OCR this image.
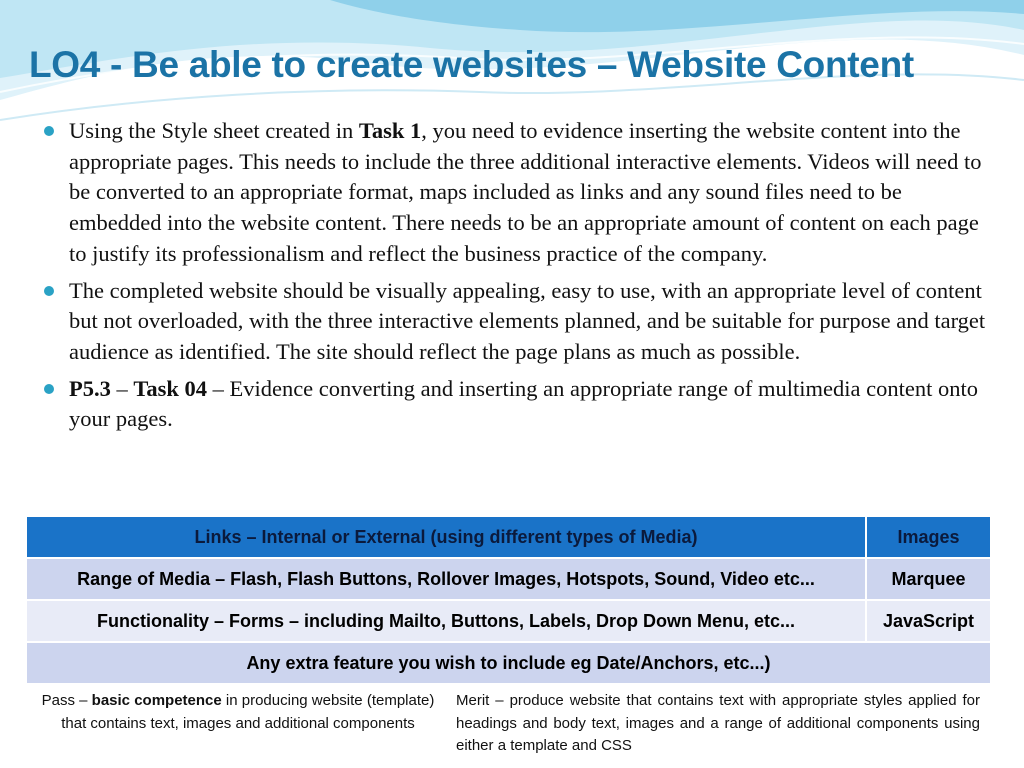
LO4 - Be able to create websites – Website Content
Using the Style sheet created in Task 1, you need to evidence inserting the website content into the appropriate pages. This needs to include the three additional interactive elements. Videos will need to be converted to an appropriate format, maps included as links and any sound files need to be embedded into the website content. There needs to be an appropriate amount of content on each page to justify its professionalism and reflect the business practice of the company.
The completed website should be visually appealing, easy to use, with an appropriate level of content but not overloaded, with the three interactive elements planned, and be suitable for purpose and target audience as identified. The site should reflect the page plans as much as possible.
P5.3 – Task 04 – Evidence converting and inserting an appropriate range of multimedia content onto your pages.
Links – Internal or External (using different types of Media)	Images
Range of Media – Flash, Flash Buttons, Rollover Images, Hotspots, Sound, Video etc...	Marquee
Functionality – Forms – including Mailto, Buttons, Labels, Drop Down Menu, etc...	JavaScript
Any extra feature you wish to include eg Date/Anchors, etc...)	
Pass – basic competence in producing website (template) that contains text, images and additional components
Merit – produce website that contains text with appropriate styles applied for headings and body text, images and a range of additional components using either a template and CSS
